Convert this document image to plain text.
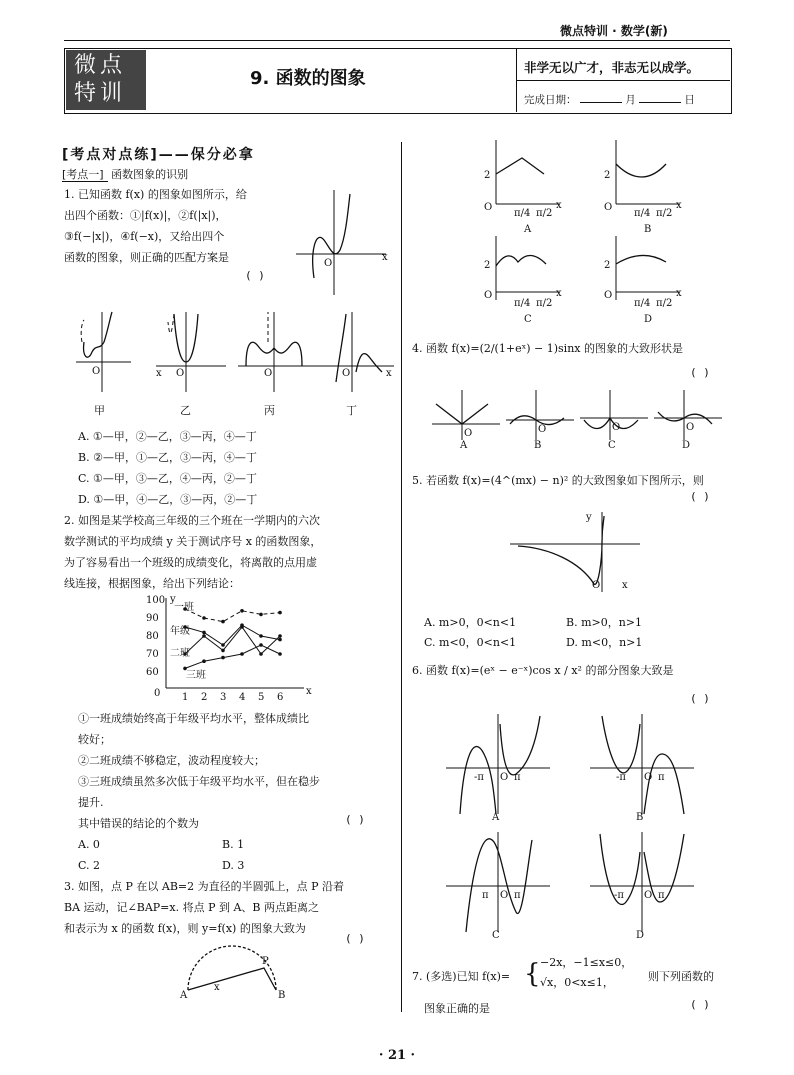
微点特训 · 数学(新)
微点
特训
9. 函数的图象
非学无以广才，非志无以成学。
完成日期：	月	日
[考点对点练]——保分必拿
[考点一] 函数图象的识别
1. 已知函数 f(x) 的图象如图所示，给
出四个函数：①|f(x)|，②f(|x|)，
③f(−|x|)，④f(−x)，又给出四个
函数的图象，则正确的匹配方案是
( )
O
x
O	O
x	O	O	x
甲	乙	丙	丁
A. ①—甲，②—乙，③—丙，④—丁
B. ②—甲，①—乙，③—丙，④—丁
C. ①—甲，③—乙，④—丙，②—丁
D. ①—甲，④—乙，③—丙，②—丁
2. 如图是某学校高三年级的三个班在一学期内的六次
数学测试的平均成绩 y 关于测试序号 x 的函数图象，
为了容易看出一个班级的成绩变化，将离散的点用虚
线连接，根据图象，给出下列结论：
0	x
y
60
70
80
90
100
1 2 3 4 5 6
一班
年级
二班
三班
①一班成绩始终高于年级平均水平，整体成绩比
较好；
②二班成绩不够稳定，波动程度较大；
③三班成绩虽然多次低于年级平均水平，但在稳步
提升.
其中错误的结论的个数为	( )
A. 0	B. 1
C. 2	D. 3
3. 如图，点 P 在以 AB=2 为直径的半圆弧上，点 P 沿着
BA 运动，记∠BAP=x. 将点 P 到 A、B 两点距离之
和表示为 x 的函数 f(x)，则 y=f(x) 的图象大致为
( )
A	B
P
x
2
O	x
π/4 π/2
A
2
O	x
π/4 π/2
B
2
O	x
π/4 π/2
C
2
O	x
π/4 π/2
D
4. 函数 f(x)=(2/(1+eˣ) − 1)sinx 的图象的大致形状是
( )
O
A
O
B
O
C
O
D
5. 若函数 f(x)=(4^(mx) − n)² 的大致图象如下图所示，则
( )
y
O x
A. m>0，0<n<1	B. m>0，n>1
C. m<0，0<n<1	D. m<0，n>1
6. 函数 f(x)=(eˣ − e⁻ˣ)cos x / x² 的部分图象大致是
( )
-π O π
A
-π O π
B
π O π
C
-π O π
D
7. (多选)已知 f(x)= { −2x，−1≤x≤0，
√x，0<x≤1，	则下列函数的
图象正确的是	( )
· 21 ·
